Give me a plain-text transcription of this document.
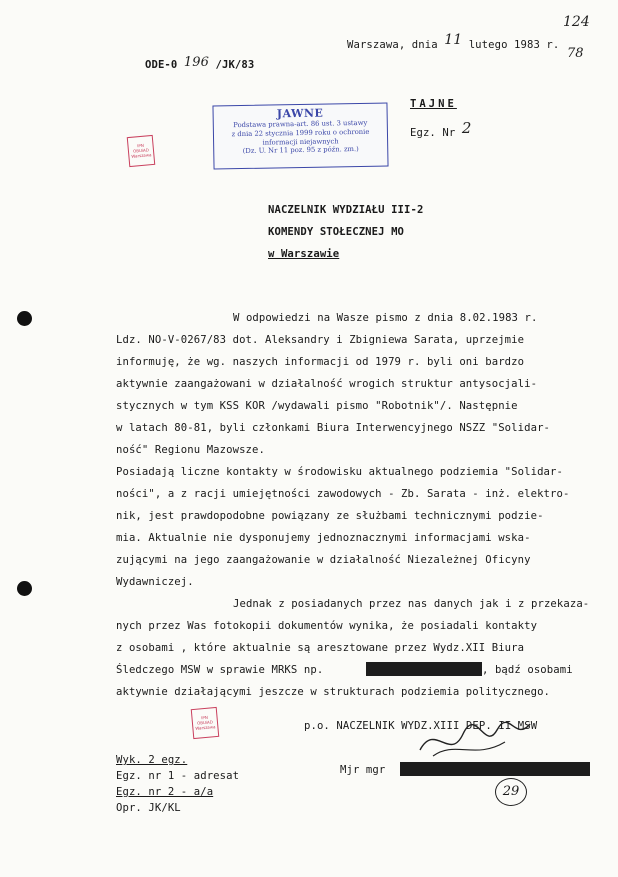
124
78
Warszawa, dnia 11 lutego 1983 r.
ODE-0 196 /JK/83
TAJNE
Egz. Nr 2
JAWNE
Podstawa prawna-art. 86 ust. 3 ustawy
z dnia 22 stycznia 1999 roku o ochronie
informacji niejawnych
(Dz. U. Nr 11 poz. 95 z późn. zm.)
IPN
OBUiAD
Warszawa
IPN
OBUiAD
Warszawa
NACZELNIK WYDZIAŁU III-2
KOMENDY STOŁECZNEJ MO
w Warszawie
W odpowiedzi na Wasze pismo z dnia 8.02.1983 r.
Ldz. NO-V-0267/83 dot. Aleksandry i Zbigniewa Sarata, uprzejmie
informuję, że wg. naszych informacji od 1979 r. byli oni bardzo
aktywnie zaangażowani w działalność wrogich struktur antysocjali-
stycznych w tym KSS KOR /wydawali pismo "Robotnik"/. Następnie
w latach 80-81, byli członkami Biura Interwencyjnego NSZZ "Solidar-
ność" Regionu Mazowsze.
Posiadają liczne kontakty w środowisku aktualnego podziemia "Solidar-
ności", a z racji umiejętności zawodowych - Zb. Sarata - inż. elektro-
nik, jest prawdopodobne powiązany ze służbami technicznymi podzie-
mia. Aktualnie nie dysponujemy jednoznacznymi informacjami wska-
zującymi na jego zaangażowanie w działalność Niezależnej Oficyny
Wydawniczej.
Jednak z posiadanych przez nas danych jak i z przekaza-
nych przez Was fotokopii dokumentów wynika, że posiadali kontakty
z osobami , które aktualnie są aresztowane przez Wydz.XII Biura
Śledczego MSW w sprawie MRKS np.	, bądź osobami
aktywnie działającymi jeszcze w strukturach podziemia politycznego.
p.o. NACZELNIK WYDZ.XIII DEP. II MSW
Mjr mgr
Wyk. 2 egz.
Egz. nr 1 - adresat
Egz. nr 2 - a/a
Opr. JK/KL
29
